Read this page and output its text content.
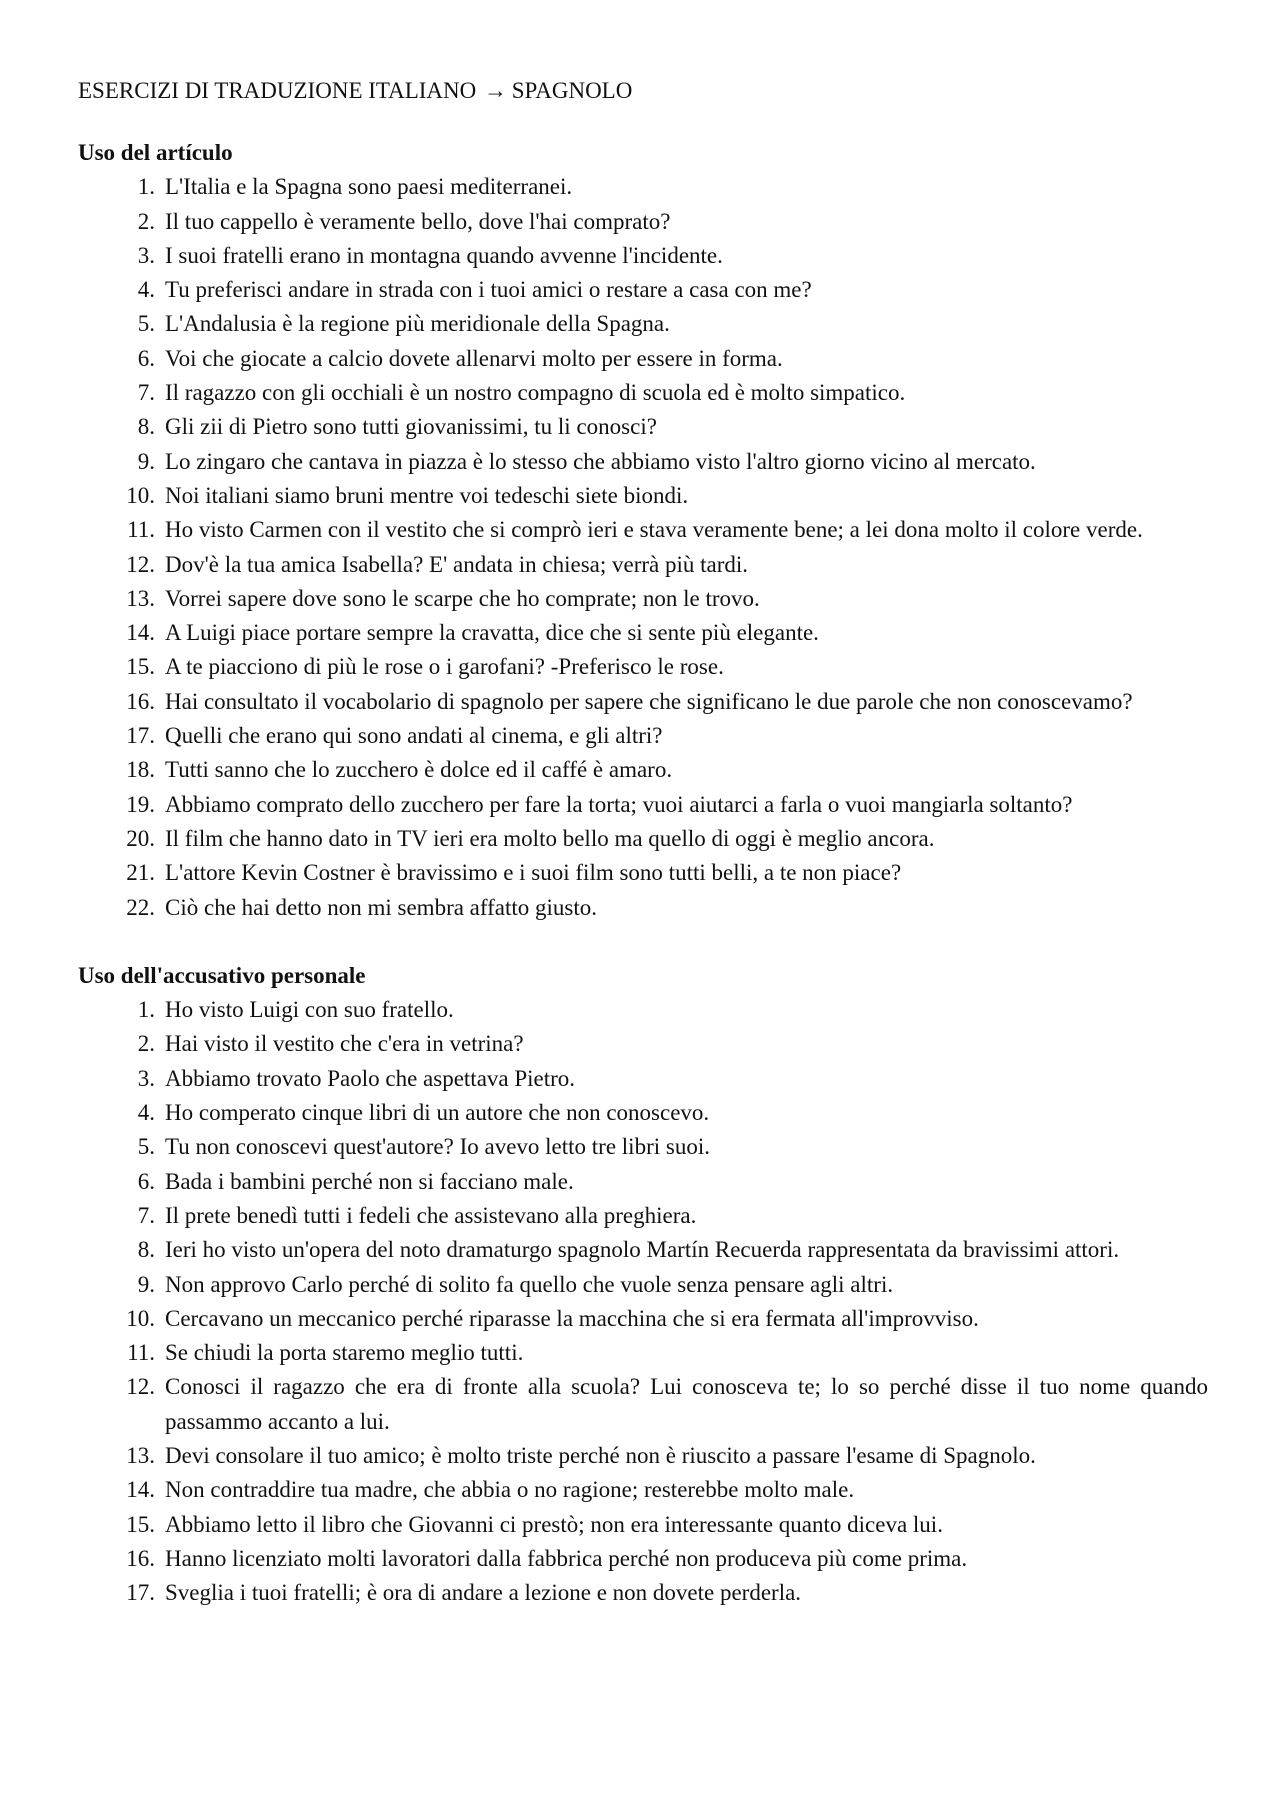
ESERCIZI DI TRADUZIONE ITALIANO → SPAGNOLO
Uso del artículo
1. L'Italia e la Spagna sono paesi mediterranei.
2. Il tuo cappello è veramente bello, dove l'hai comprato?
3. I suoi fratelli erano in montagna quando avvenne l'incidente.
4. Tu preferisci andare in strada con i tuoi amici o restare a casa con me?
5. L'Andalusia è la regione più meridionale della Spagna.
6. Voi che giocate a calcio dovete allenarvi molto per essere in forma.
7. Il ragazzo con gli occhiali è un nostro compagno di scuola ed è molto simpatico.
8. Gli zii di Pietro sono tutti giovanissimi, tu li conosci?
9. Lo zingaro che cantava in piazza è lo stesso che abbiamo visto l'altro giorno vicino al mercato.
10. Noi italiani siamo bruni mentre voi tedeschi siete biondi.
11. Ho visto Carmen con il vestito che si comprò ieri e stava veramente bene; a lei dona molto il colore verde.
12. Dov'è la tua amica Isabella? E' andata in chiesa; verrà più tardi.
13. Vorrei sapere dove sono le scarpe che ho comprate; non le trovo.
14. A Luigi piace portare sempre la cravatta, dice che si sente più elegante.
15. A te piacciono di più le rose o i garofani? -Preferisco le rose.
16. Hai consultato il vocabolario di spagnolo per sapere che significano le due parole che non conoscevamo?
17. Quelli che erano qui sono andati al cinema, e gli altri?
18. Tutti sanno che lo zucchero è dolce ed il caffé è amaro.
19. Abbiamo comprato dello zucchero per fare la torta; vuoi aiutarci a farla o vuoi mangiarla soltanto?
20. Il film che hanno dato in TV ieri era molto bello ma quello di oggi è meglio ancora.
21. L'attore Kevin Costner è bravissimo e i suoi film sono tutti belli, a te non piace?
22. Ciò che hai detto non mi sembra affatto giusto.
Uso dell'accusativo personale
1. Ho visto Luigi con suo fratello.
2. Hai visto il vestito che c'era in vetrina?
3. Abbiamo trovato Paolo che aspettava Pietro.
4. Ho comperato cinque libri di un autore che non conoscevo.
5. Tu non conoscevi quest'autore? Io avevo letto tre libri suoi.
6. Bada i bambini perché non si facciano male.
7. Il prete benedì tutti i fedeli che assistevano alla preghiera.
8. Ieri ho visto un'opera del noto dramaturgo spagnolo Martín Recuerda rappresentata da bravissimi attori.
9. Non approvo Carlo perché di solito fa quello che vuole senza pensare agli altri.
10. Cercavano un meccanico perché riparasse la macchina che si era fermata all'improvviso.
11. Se chiudi la porta staremo meglio tutti.
12. Conosci il ragazzo che era di fronte alla scuola? Lui conosceva te; lo so perché disse il tuo nome quando passammo accanto a lui.
13. Devi consolare il tuo amico; è molto triste perché non è riuscito a passare l'esame di Spagnolo.
14. Non contraddire tua madre, che abbia o no ragione; resterebbe molto male.
15. Abbiamo letto il libro che Giovanni ci prestò; non era interessante quanto diceva lui.
16. Hanno licenziato molti lavoratori dalla fabbrica perché non produceva più come prima.
17. Sveglia i tuoi fratelli; è ora di andare a lezione e non dovete perderla.
